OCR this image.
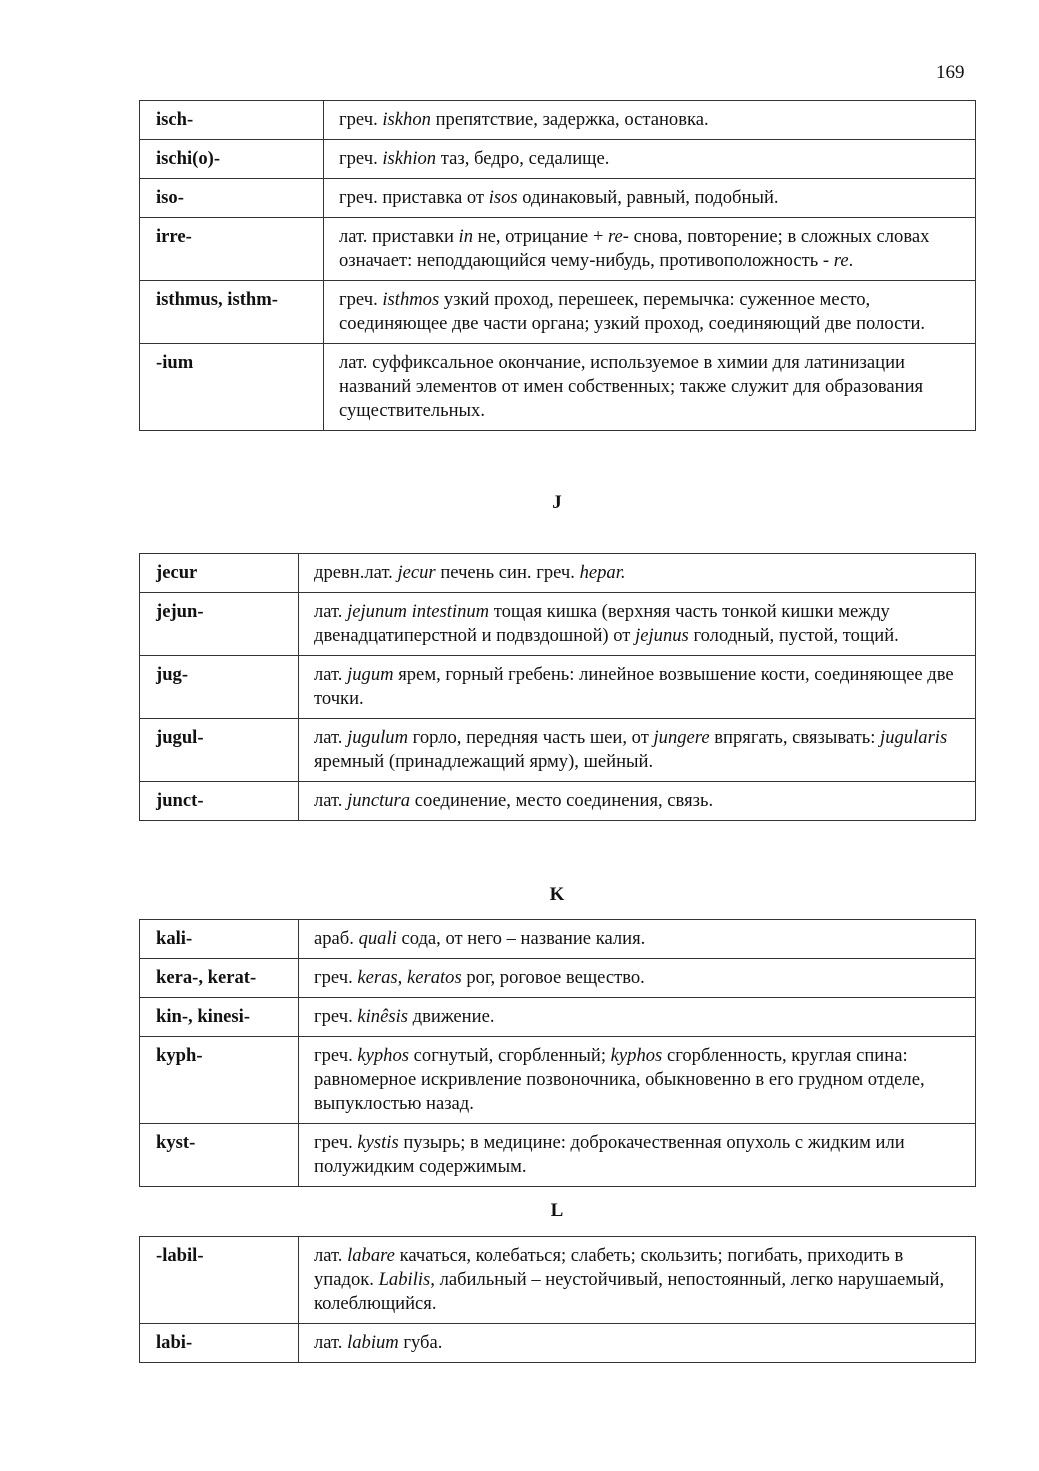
169
isch-	греч. iskhon препятствие, задержка, остановка.
ischi(o)-	греч. iskhion таз, бедро, седалище.
iso-	греч. приставка от isos одинаковый, равный, подобный.
irre-	лат. приставки in не, отрицание + re- снова, повторение; в сложных словах означает: неподдающийся чему-нибудь, противоположность - re.
isthmus, isthm-	греч. isthmos узкий проход, перешеек, перемычка: суженное место, соединяющее две части органа; узкий проход, соединяющий две полости.
-ium	лат. суффиксальное окончание, используемое в химии для латинизации названий элементов от имен собственных; также служит для образования существительных.
J
jecur	древн.лат. jecur печень син. греч. hepar.
jejun-	лат. jejunum intestinum тощая кишка (верхняя часть тонкой кишки между двенадцатиперстной и подвздошной) от jejunus голодный, пустой, тощий.
jug-	лат. jugum ярем, горный гребень: линейное возвышение кости, соединяющее две точки.
jugul-	лат. jugulum горло, передняя часть шеи, от jungere впрягать, связывать: jugularis яремный (принадлежащий ярму), шейный.
junct-	лат. junctura соединение, место соединения, связь.
K
kali-	араб. quali сода, от него – название калия.
kera-, kerat-	греч. keras, keratos рог, роговое вещество.
kin-, kinesi-	греч. kinêsis движение.
kyph-	греч. kyphos согнутый, сгорбленный; kyphos сгорбленность, круглая спина: равномерное искривление позвоночника, обыкновенно в его грудном отделе, выпуклостью назад.
kyst-	греч. kystis пузырь; в медицине: доброкачественная опухоль с жидким или полужидким содержимым.
L
-labil-	лат. labare качаться, колебаться; слабеть; скользить; погибать, приходить в упадок. Labilis, лабильный – неустойчивый, непостоянный, легко нарушаемый, колеблющийся.
labi-	лат. labium губа.
